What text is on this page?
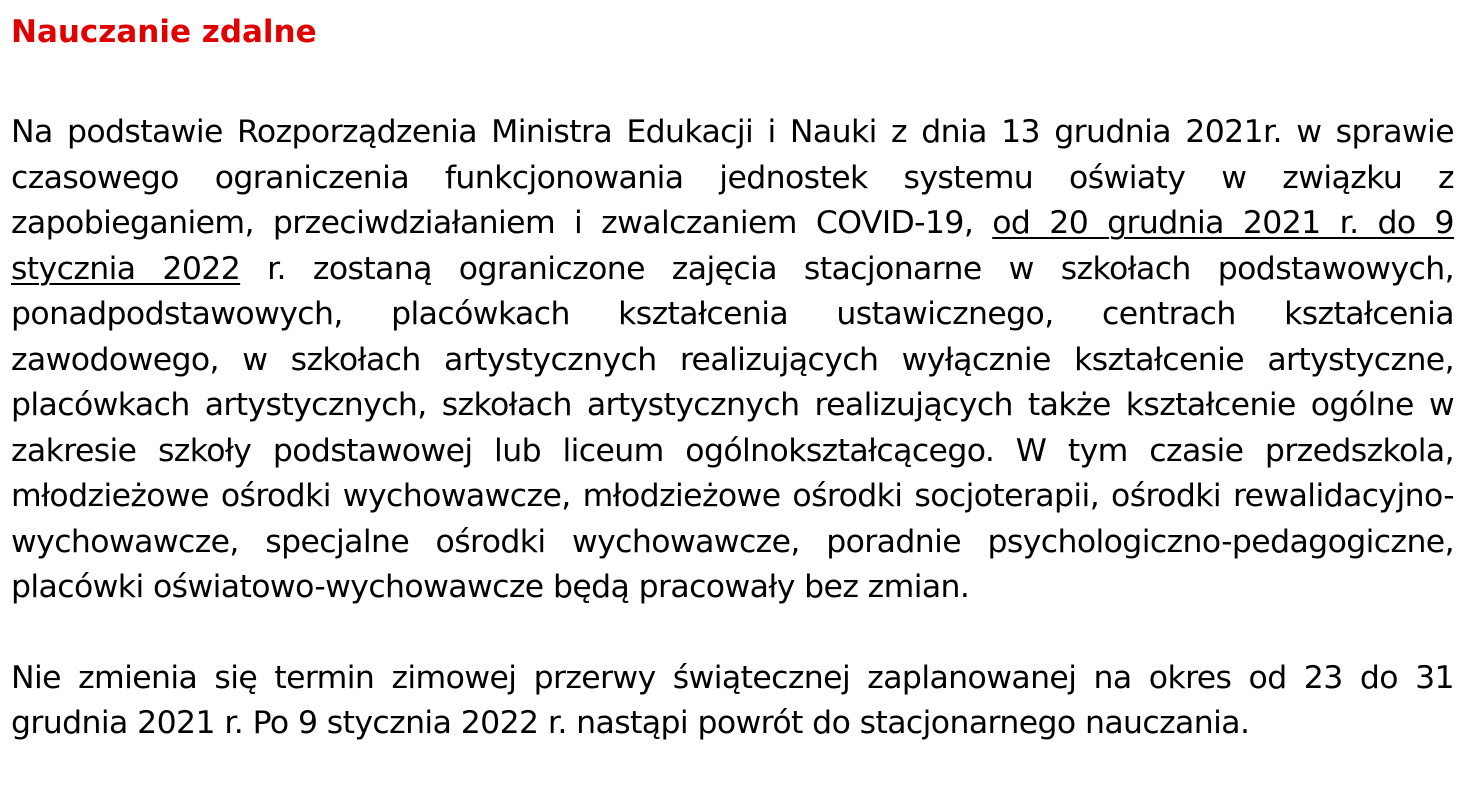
Nauczanie zdalne

Na podstawie Rozporządzenia Ministra Edukacji i Nauki z dnia 13 grudnia 2021r. w sprawie czasowego ograniczenia funkcjonowania jednostek systemu oświaty w związku z zapobieganiem, przeciwdziałaniem i zwalczaniem COVID-19, od 20 grudnia 2021 r. do 9 stycznia 2022 r. zostaną ograniczone zajęcia stacjonarne w szkołach podstawowych, ponadpodstawowych, placówkach kształcenia ustawicznego, centrach kształcenia zawodowego, w szkołach artystycznych realizujących wyłącznie kształcenie artystyczne, placówkach artystycznych, szkołach artystycznych realizujących także kształcenie ogólne w zakresie szkoły podstawowej lub liceum ogólnokształcącego. W tym czasie przedszkola, młodzieżowe ośrodki wychowawcze, młodzieżowe ośrodki socjoterapii, ośrodki rewalidacyjno-wychowawcze, specjalne ośrodki wychowawcze, poradnie psychologiczno-pedagogiczne, placówki oświatowo-wychowawcze będą pracowały bez zmian.

Nie zmienia się termin zimowej przerwy świątecznej zaplanowanej na okres od 23 do 31 grudnia 2021 r. Po 9 stycznia 2022 r. nastąpi powrót do stacjonarnego nauczania.
